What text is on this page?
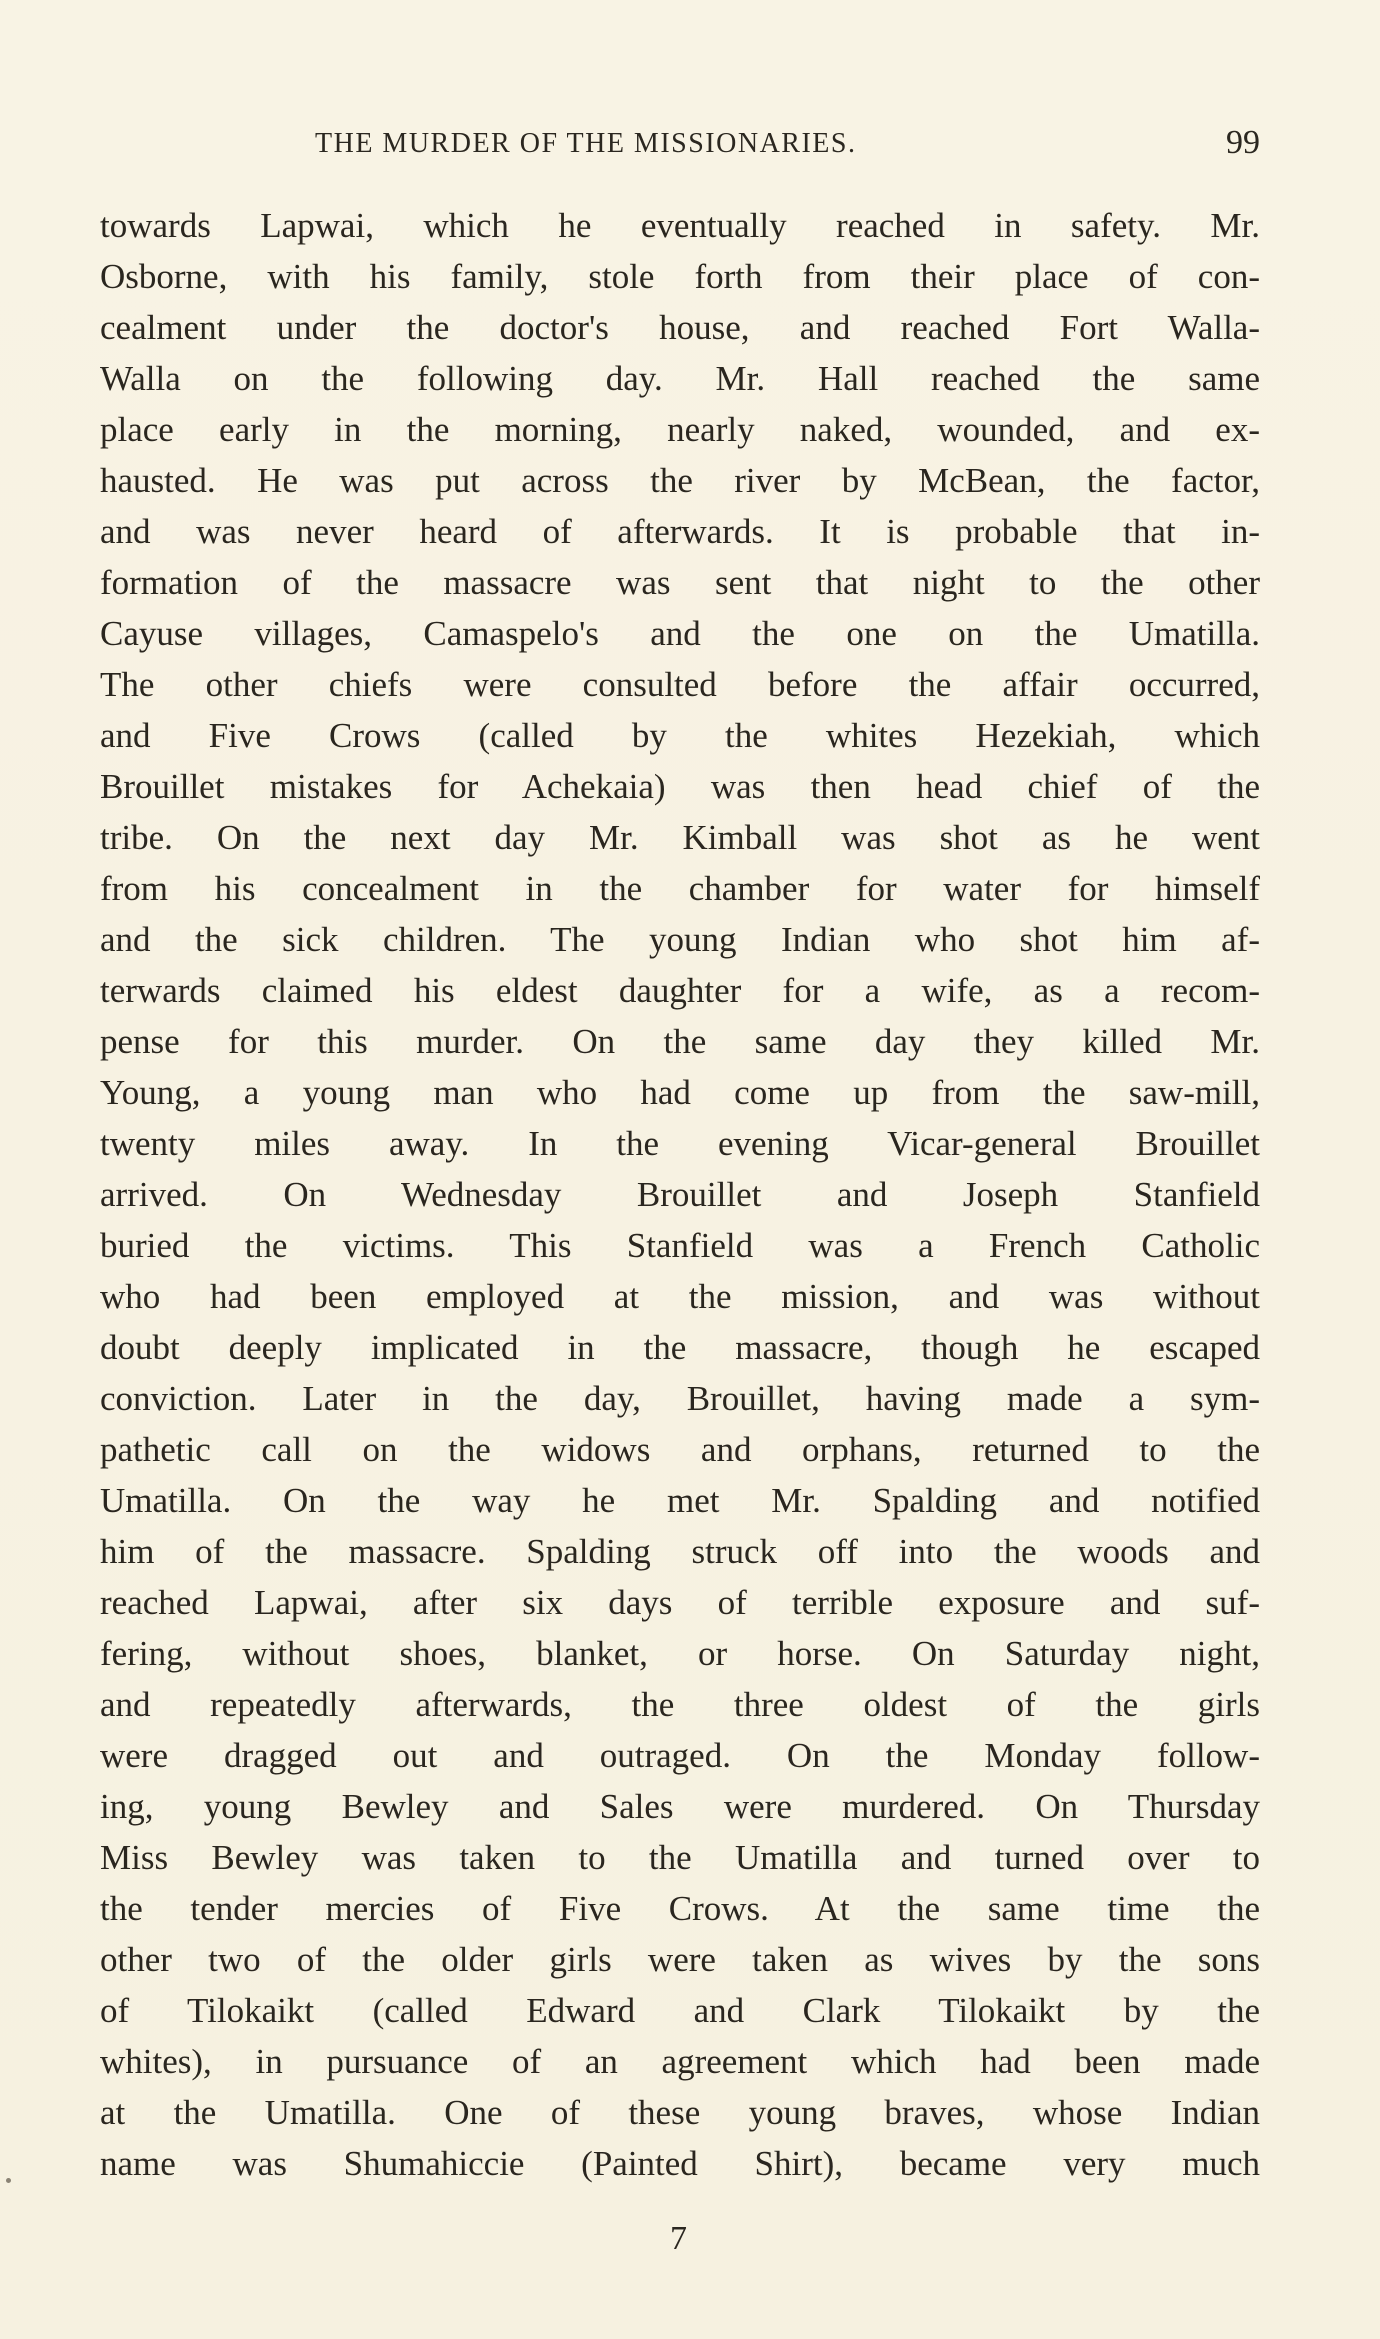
THE MURDER OF THE MISSIONARIES.	99
towards Lapwai, which he eventually reached in safety. Mr.
Osborne, with his family, stole forth from their place of con-
cealment under the doctor's house, and reached Fort Walla-
Walla on the following day. Mr. Hall reached the same
place early in the morning, nearly naked, wounded, and ex-
hausted. He was put across the river by McBean, the factor,
and was never heard of afterwards. It is probable that in-
formation of the massacre was sent that night to the other
Cayuse villages, Camaspelo's and the one on the Umatilla.
The other chiefs were consulted before the affair occurred,
and Five Crows (called by the whites Hezekiah, which
Brouillet mistakes for Achekaia) was then head chief of the
tribe. On the next day Mr. Kimball was shot as he went
from his concealment in the chamber for water for himself
and the sick children. The young Indian who shot him af-
terwards claimed his eldest daughter for a wife, as a recom-
pense for this murder. On the same day they killed Mr.
Young, a young man who had come up from the saw-mill,
twenty miles away. In the evening Vicar-general Brouillet
arrived. On Wednesday Brouillet and Joseph Stanfield
buried the victims. This Stanfield was a French Catholic
who had been employed at the mission, and was without
doubt deeply implicated in the massacre, though he escaped
conviction. Later in the day, Brouillet, having made a sym-
pathetic call on the widows and orphans, returned to the
Umatilla. On the way he met Mr. Spalding and notified
him of the massacre. Spalding struck off into the woods and
reached Lapwai, after six days of terrible exposure and suf-
fering, without shoes, blanket, or horse. On Saturday night,
and repeatedly afterwards, the three oldest of the girls
were dragged out and outraged. On the Monday follow-
ing, young Bewley and Sales were murdered. On Thursday
Miss Bewley was taken to the Umatilla and turned over to
the tender mercies of Five Crows. At the same time the
other two of the older girls were taken as wives by the sons
of Tilokaikt (called Edward and Clark Tilokaikt by the
whites), in pursuance of an agreement which had been made
at the Umatilla. One of these young braves, whose Indian
name was Shumahiccie (Painted Shirt), became very much
7
